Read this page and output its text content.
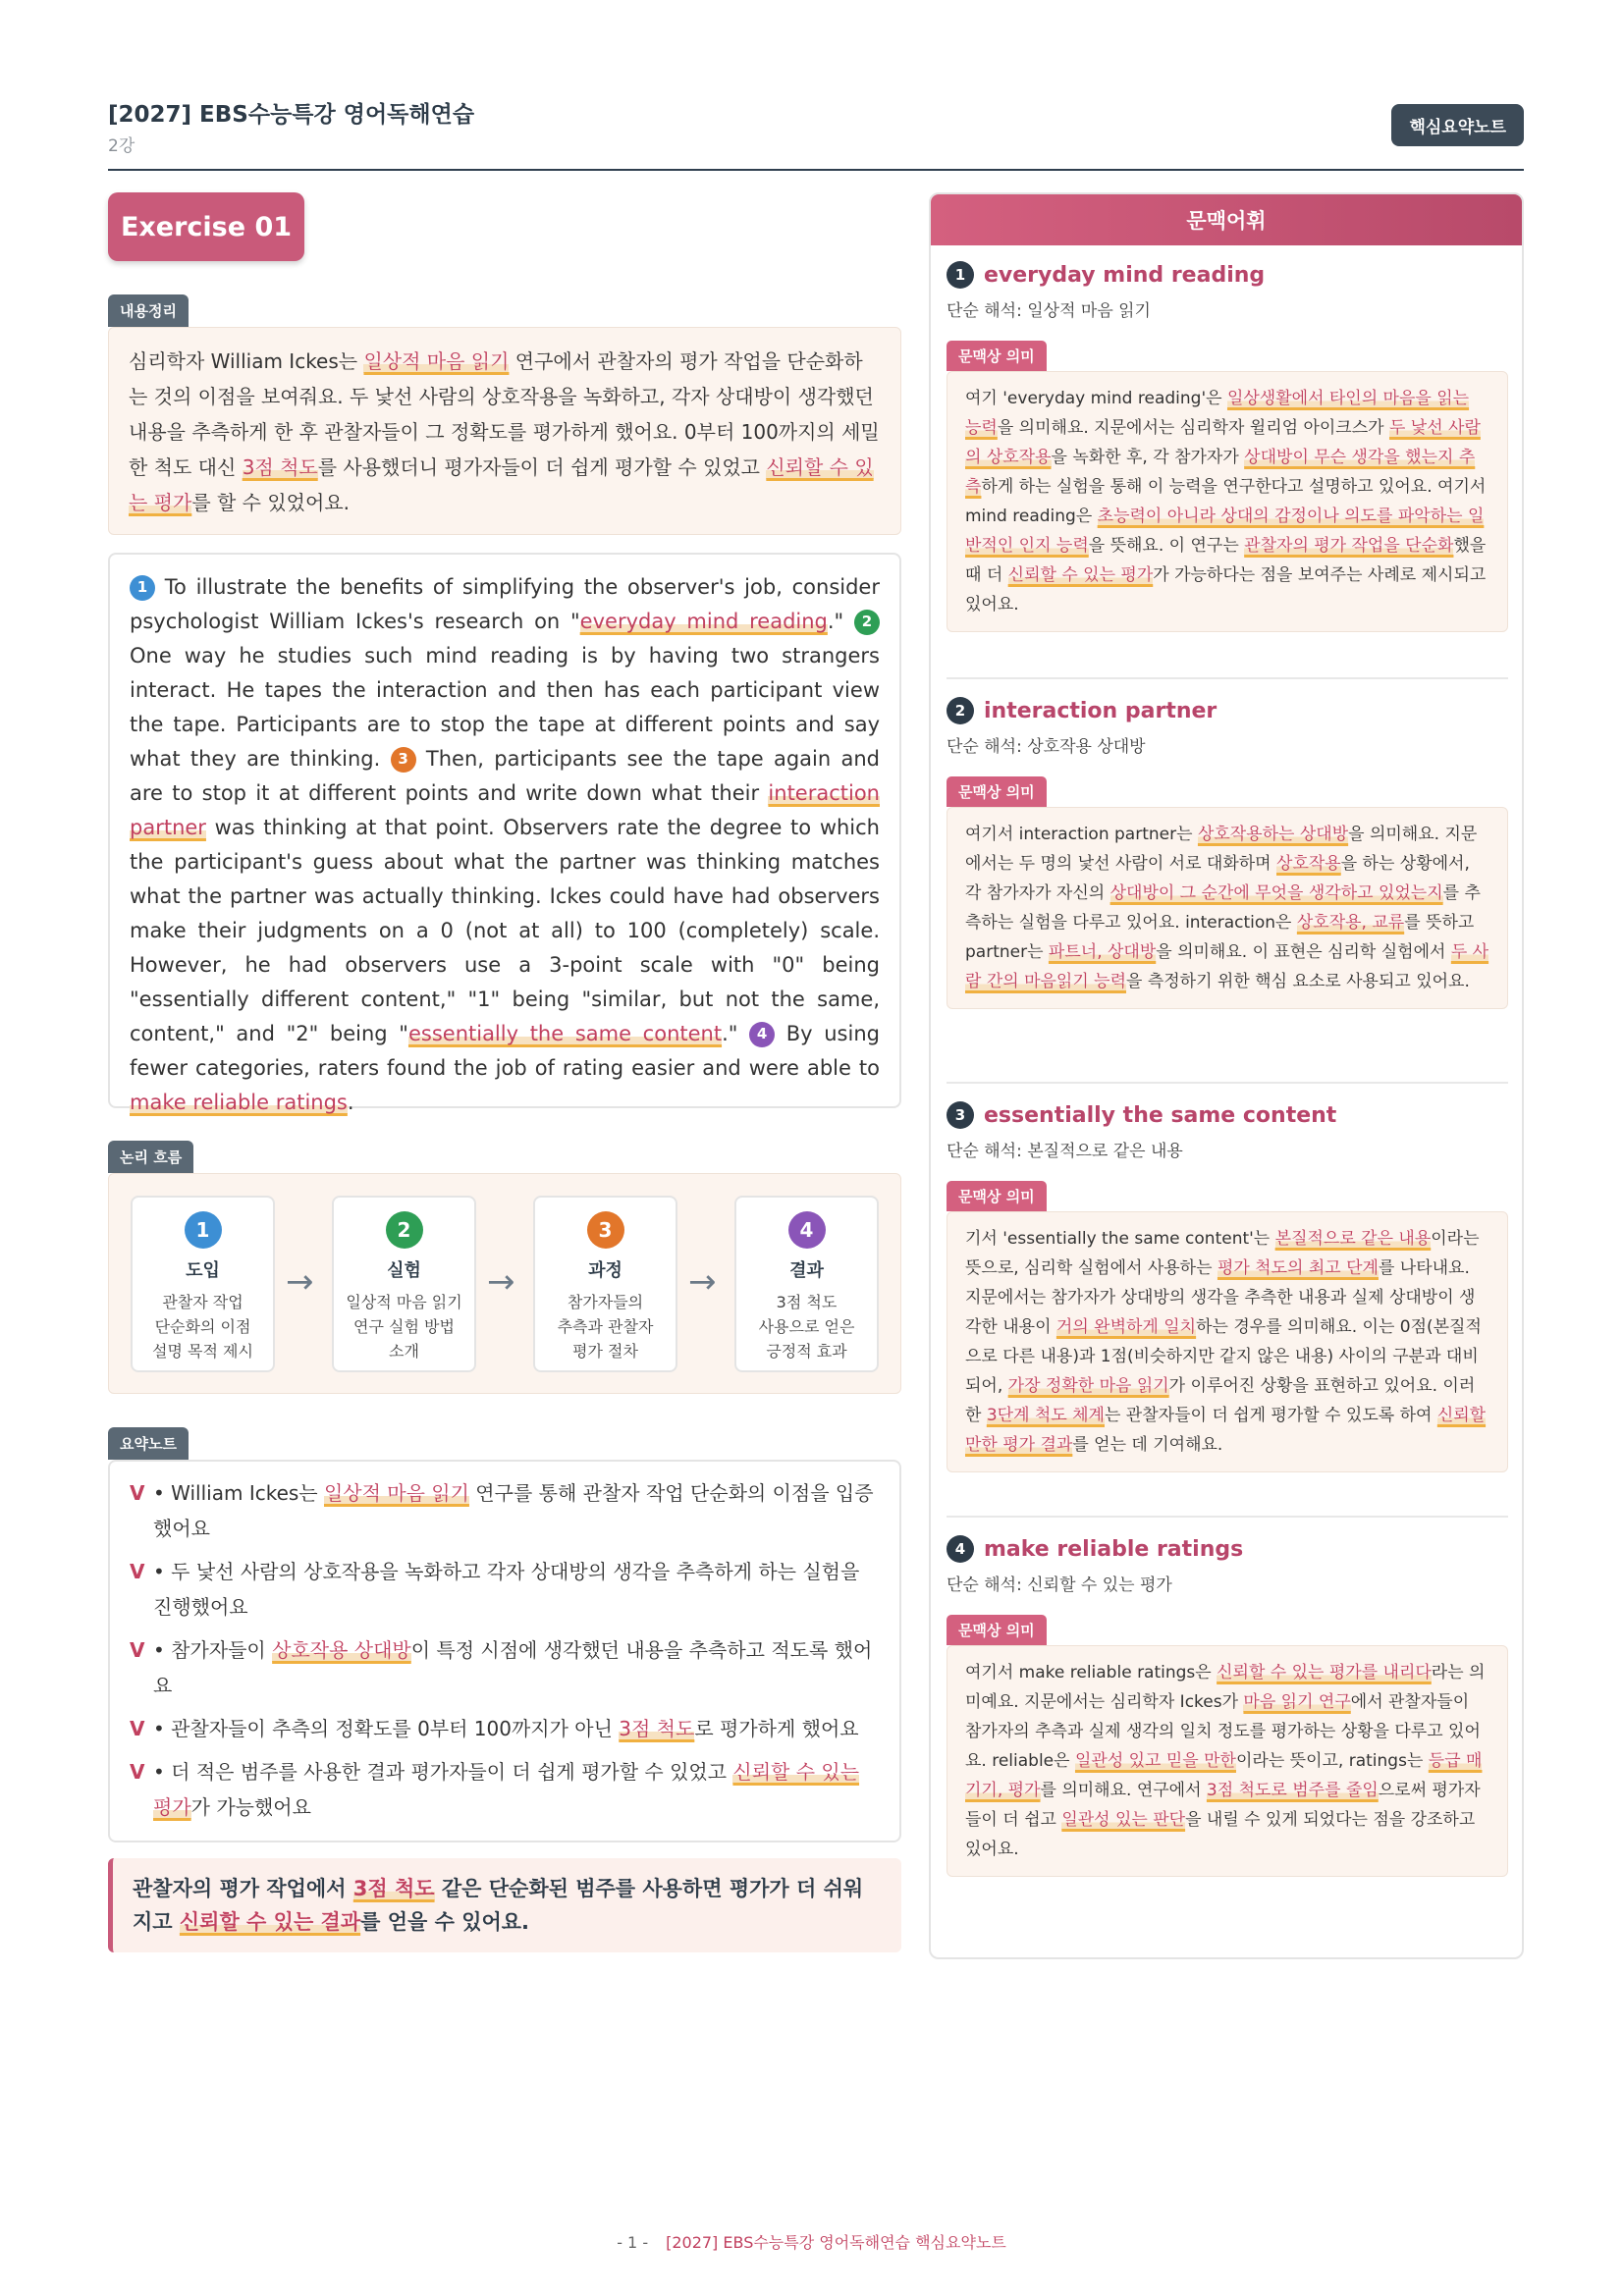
[2027] EBS수능특강 영어독해연습
2강
핵심요약노트
Exercise 01
내용정리
심리학자 William Ickes는 일상적 마음 읽기 연구에서 관찰자의 평가 작업을 단순화하는 것의 이점을 보여줘요. 두 낯선 사람의 상호작용을 녹화하고, 각자 상대방이 생각했던 내용을 추측하게 한 후 관찰자들이 그 정확도를 평가하게 했어요. 0부터 100까지의 세밀한 척도 대신 3점 척도를 사용했더니 평가자들이 더 쉽게 평가할 수 있었고 신뢰할 수 있는 평가를 할 수 있었어요.
1 To illustrate the benefits of simplifying the observer's job, consider psychologist William Ickes's research on "everyday mind reading." 2 One way he studies such mind reading is by having two strangers interact. He tapes the interaction and then has each participant view the tape. Participants are to stop the tape at different points and say what they are thinking. 3 Then, participants see the tape again and are to stop it at different points and write down what their interaction partner was thinking at that point. Observers rate the degree to which the participant's guess about what the partner was thinking matches what the partner was actually thinking. Ickes could have had observers make their judgments on a 0 (not at all) to 100 (completely) scale. However, he had observers use a 3-point scale with "0" being "essentially different content," "1" being "similar, but not the same, content," and "2" being "essentially the same content." 4 By using fewer categories, raters found the job of rating easier and were able to make reliable ratings.
논리 흐름
1
도입
관찰자 작업
단순화의 이점
설명 목적 제시
→
2
실험
일상적 마음 읽기
연구 실험 방법
소개
→
3
과정
참가자들의
추측과 관찰자
평가 절차
→
4
결과
3점 척도
사용으로 얻은
긍정적 효과
요약노트
V • William Ickes는 일상적 마음 읽기 연구를 통해 관찰자 작업 단순화의 이점을 입증했어요
V • 두 낯선 사람의 상호작용을 녹화하고 각자 상대방의 생각을 추측하게 하는 실험을 진행했어요
V • 참가자들이 상호작용 상대방이 특정 시점에 생각했던 내용을 추측하고 적도록 했어요
V • 관찰자들이 추측의 정확도를 0부터 100까지가 아닌 3점 척도로 평가하게 했어요
V • 더 적은 범주를 사용한 결과 평가자들이 더 쉽게 평가할 수 있었고 신뢰할 수 있는 평가가 가능했어요
관찰자의 평가 작업에서 3점 척도 같은 단순화된 범주를 사용하면 평가가 더 쉬워지고 신뢰할 수 있는 결과를 얻을 수 있어요.
문맥어휘
1 everyday mind reading
단순 해석: 일상적 마음 읽기
문맥상 의미
여기 'everyday mind reading'은 일상생활에서 타인의 마음을 읽는 능력을 의미해요. 지문에서는 심리학자 윌리엄 아이크스가 두 낯선 사람의 상호작용을 녹화한 후, 각 참가자가 상대방이 무슨 생각을 했는지 추측하게 하는 실험을 통해 이 능력을 연구한다고 설명하고 있어요. 여기서 mind reading은 초능력이 아니라 상대의 감정이나 의도를 파악하는 일반적인 인지 능력을 뜻해요. 이 연구는 관찰자의 평가 작업을 단순화했을 때 더 신뢰할 수 있는 평가가 가능하다는 점을 보여주는 사례로 제시되고 있어요.
2 interaction partner
단순 해석: 상호작용 상대방
문맥상 의미
여기서 interaction partner는 상호작용하는 상대방을 의미해요. 지문에서는 두 명의 낯선 사람이 서로 대화하며 상호작용을 하는 상황에서, 각 참가자가 자신의 상대방이 그 순간에 무엇을 생각하고 있었는지를 추측하는 실험을 다루고 있어요. interaction은 상호작용, 교류를 뜻하고 partner는 파트너, 상대방을 의미해요. 이 표현은 심리학 실험에서 두 사람 간의 마음읽기 능력을 측정하기 위한 핵심 요소로 사용되고 있어요.
3 essentially the same content
단순 해석: 본질적으로 같은 내용
문맥상 의미
기서 'essentially the same content'는 본질적으로 같은 내용이라는 뜻으로, 심리학 실험에서 사용하는 평가 척도의 최고 단계를 나타내요. 지문에서는 참가자가 상대방의 생각을 추측한 내용과 실제 상대방이 생각한 내용이 거의 완벽하게 일치하는 경우를 의미해요. 이는 0점(본질적으로 다른 내용)과 1점(비슷하지만 같지 않은 내용) 사이의 구분과 대비되어, 가장 정확한 마음 읽기가 이루어진 상황을 표현하고 있어요. 이러한 3단계 척도 체계는 관찰자들이 더 쉽게 평가할 수 있도록 하여 신뢰할 만한 평가 결과를 얻는 데 기여해요.
4 make reliable ratings
단순 해석: 신뢰할 수 있는 평가
문맥상 의미
여기서 make reliable ratings은 신뢰할 수 있는 평가를 내리다라는 의미예요. 지문에서는 심리학자 Ickes가 마음 읽기 연구에서 관찰자들이 참가자의 추측과 실제 생각의 일치 정도를 평가하는 상황을 다루고 있어요. reliable은 일관성 있고 믿을 만한이라는 뜻이고, ratings는 등급 매기기, 평가를 의미해요. 연구에서 3점 척도로 범주를 줄임으로써 평가자들이 더 쉽고 일관성 있는 판단을 내릴 수 있게 되었다는 점을 강조하고 있어요.
- 1 - [2027] EBS수능특강 영어독해연습 핵심요약노트
